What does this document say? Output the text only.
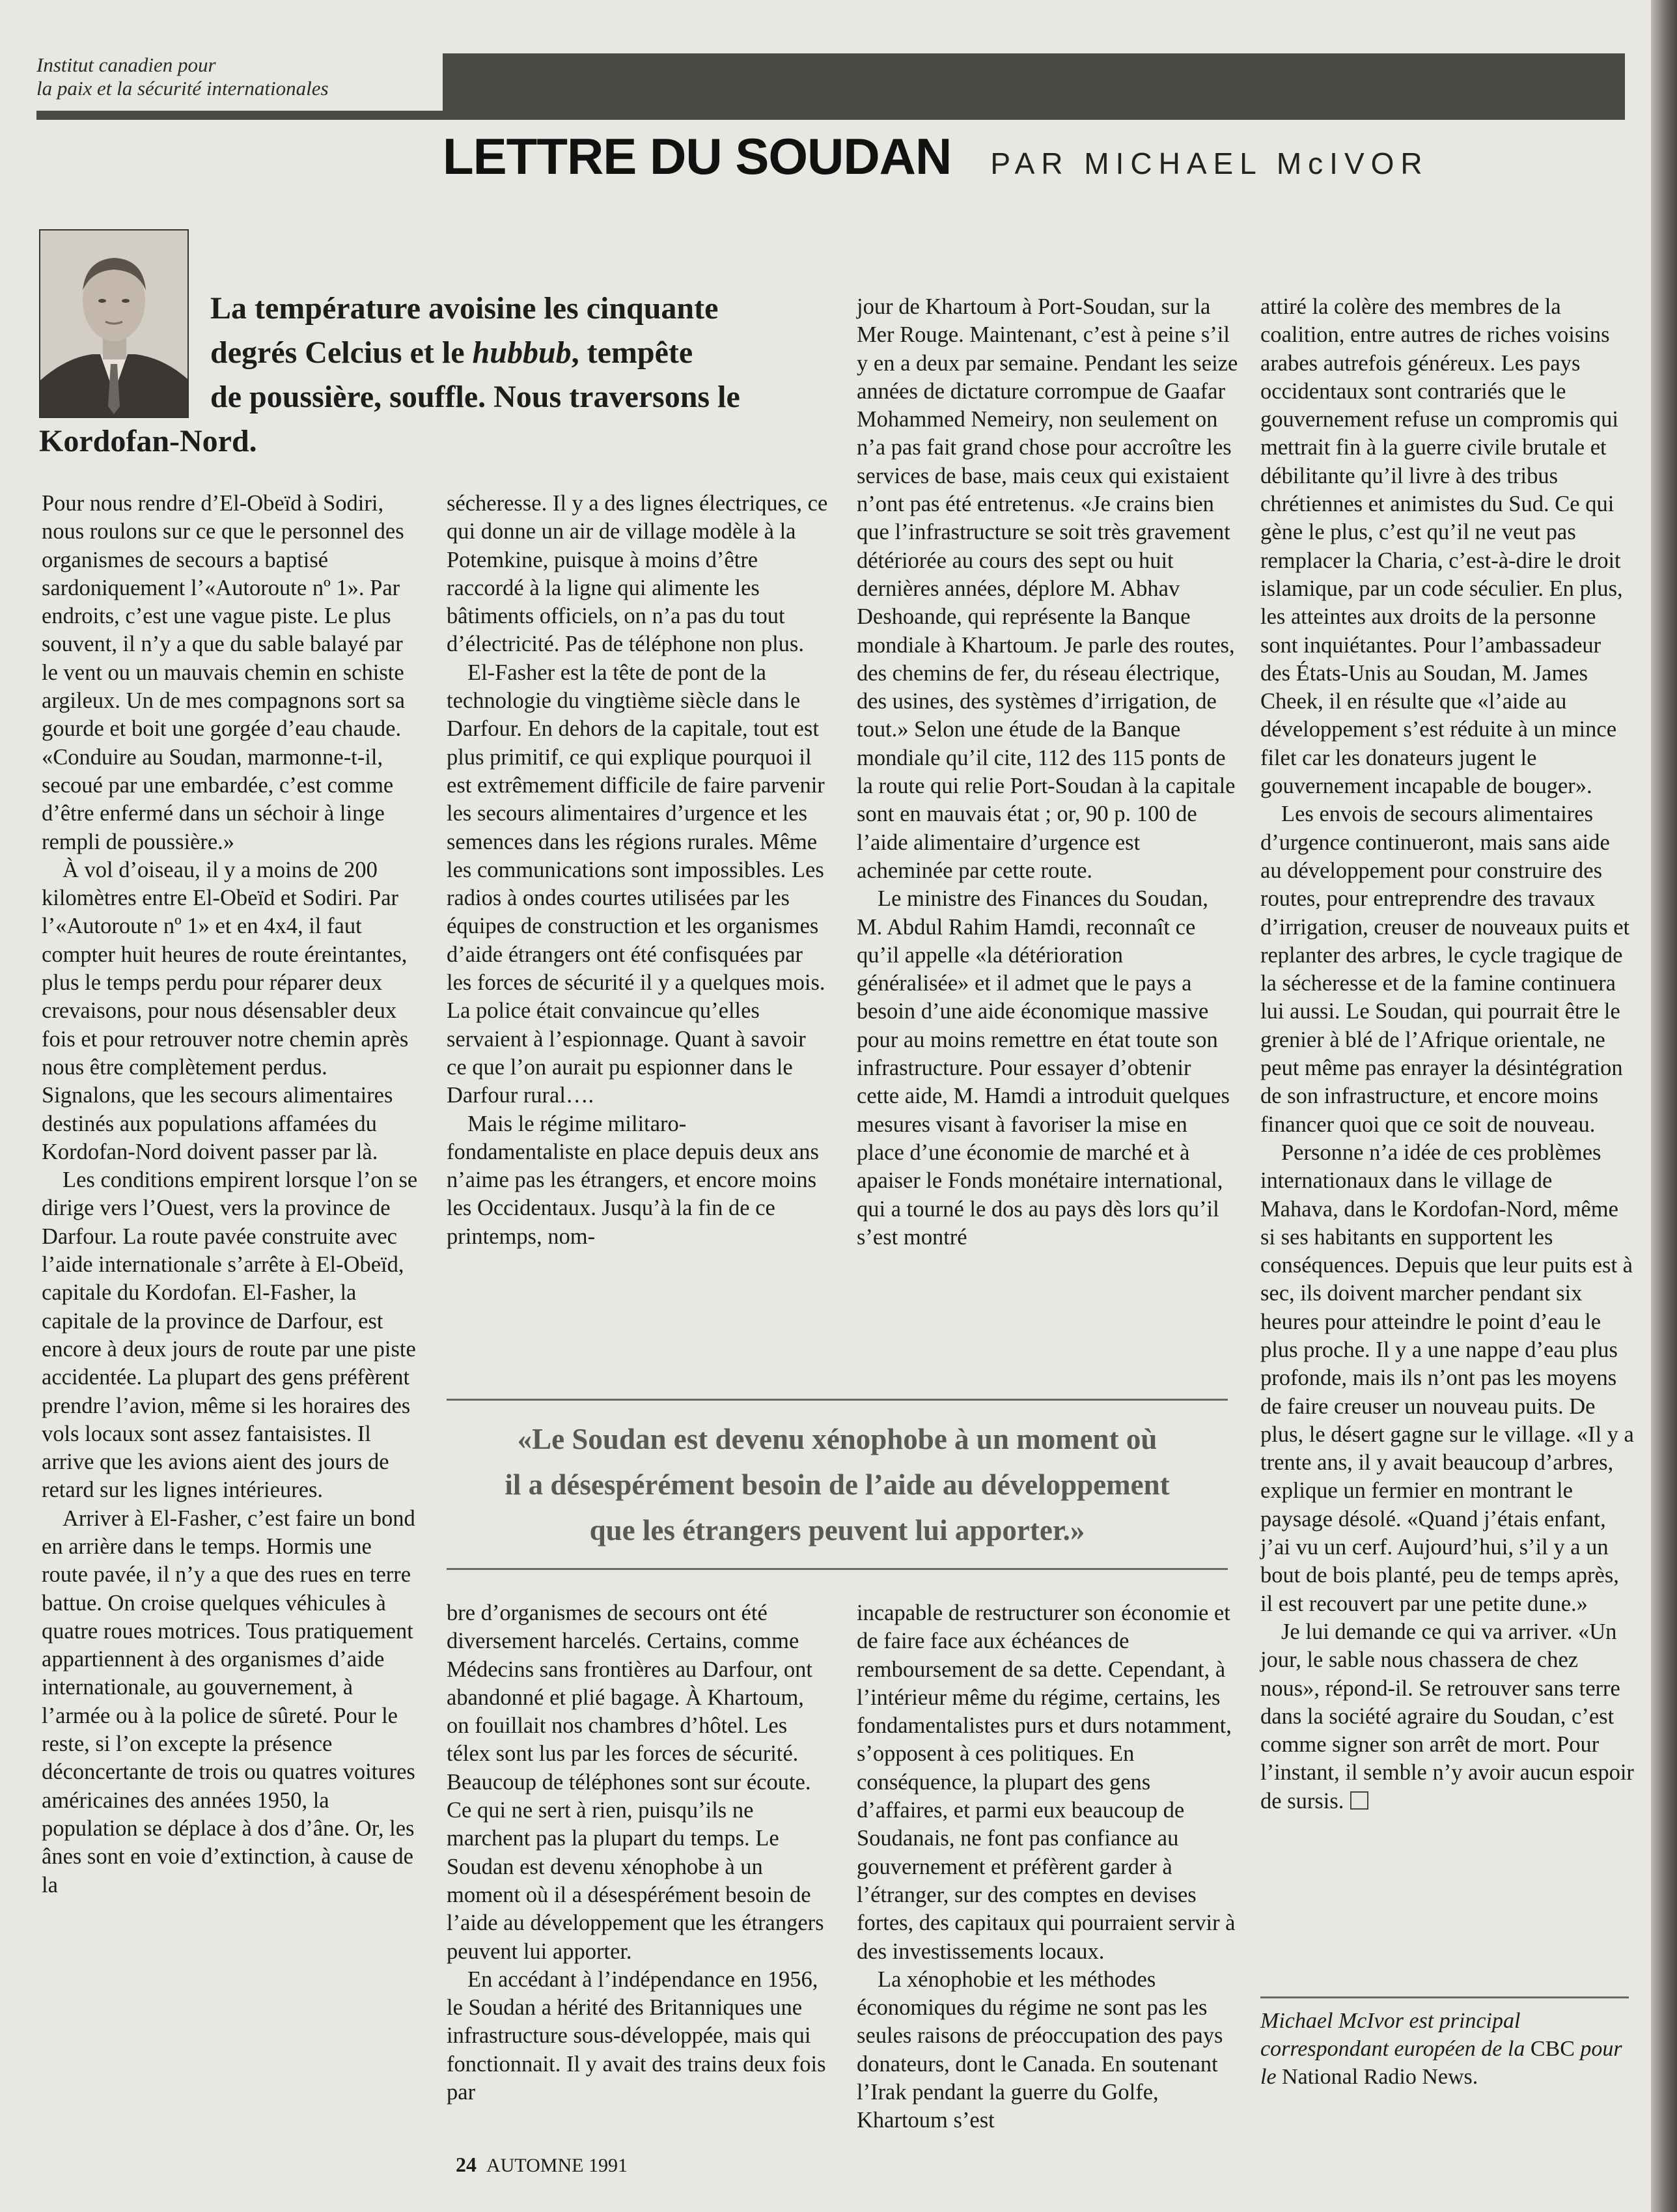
Institut canadien pour
la paix et la sécurité internationales
LETTRE DU SOUDAN PAR MICHAEL McIVOR
La température avoisine les cinquante
degrés Celcius et le hubbub, tempête
de poussière, souffle. Nous traversons le
Kordofan-Nord.

Pour nous rendre d’El-Obeïd à Sodiri, nous roulons sur ce que le personnel des organismes de secours a baptisé sardoniquement l’«Autoroute nº 1». Par endroits, c’est une vague piste. Le plus souvent, il n’y a que du sable balayé par le vent ou un mauvais chemin en schiste argileux. Un de mes compagnons sort sa gourde et boit une gorgée d’eau chaude. «Conduire au Soudan, marmonne-t-il, secoué par une embardée, c’est comme d’être enfermé dans un séchoir à linge rempli de poussière.»

À vol d’oiseau, il y a moins de 200 kilomètres entre El-Obeïd et Sodiri. Par l’«Autoroute nº 1» et en 4x4, il faut compter huit heures de route éreintantes, plus le temps perdu pour réparer deux crevaisons, pour nous désensabler deux fois et pour retrouver notre chemin après nous être complètement perdus. Signalons, que les secours alimentaires destinés aux populations affamées du Kordofan-Nord doivent passer par là.

Les conditions empirent lorsque l’on se dirige vers l’Ouest, vers la province de Darfour. La route pavée construite avec l’aide internationale s’arrête à El-Obeïd, capitale du Kordofan. El-Fasher, la capitale de la province de Darfour, est encore à deux jours de route par une piste accidentée. La plupart des gens préfèrent prendre l’avion, même si les horaires des vols locaux sont assez fantaisistes. Il arrive que les avions aient des jours de retard sur les lignes intérieures.

Arriver à El-Fasher, c’est faire un bond en arrière dans le temps. Hormis une route pavée, il n’y a que des rues en terre battue. On croise quelques véhicules à quatre roues motrices. Tous pratiquement appartiennent à des organismes d’aide internationale, au gouvernement, à l’armée ou à la police de sûreté. Pour le reste, si l’on excepte la présence déconcertante de trois ou quatres voitures américaines des années 1950, la population se déplace à dos d’âne. Or, les ânes sont en voie d’extinction, à cause de la

sécheresse. Il y a des lignes électriques, ce qui donne un air de village modèle à la Potemkine, puisque à moins d’être raccordé à la ligne qui alimente les bâtiments officiels, on n’a pas du tout d’électricité. Pas de téléphone non plus.

El-Fasher est la tête de pont de la technologie du vingtième siècle dans le Darfour. En dehors de la capitale, tout est plus primitif, ce qui explique pourquoi il est extrêmement difficile de faire parvenir les secours alimentaires d’urgence et les semences dans les régions rurales. Même les communications sont impossibles. Les radios à ondes courtes utilisées par les équipes de construction et les organismes d’aide étrangers ont été confisquées par les forces de sécurité il y a quelques mois. La police était convaincue qu’elles servaient à l’espionnage. Quant à savoir ce que l’on aurait pu espionner dans le Darfour rural….

Mais le régime militaro-fondamentaliste en place depuis deux ans n’aime pas les étrangers, et encore moins les Occidentaux. Jusqu’à la fin de ce printemps, nom-

jour de Khartoum à Port-Soudan, sur la Mer Rouge. Maintenant, c’est à peine s’il y en a deux par semaine. Pendant les seize années de dictature corrompue de Gaafar Mohammed Nemeiry, non seulement on n’a pas fait grand chose pour accroître les services de base, mais ceux qui existaient n’ont pas été entretenus. «Je crains bien que l’infrastructure se soit très gravement détériorée au cours des sept ou huit dernières années, déplore M. Abhav Deshoande, qui représente la Banque mondiale à Khartoum. Je parle des routes, des chemins de fer, du réseau électrique, des usines, des systèmes d’irrigation, de tout.» Selon une étude de la Banque mondiale qu’il cite, 112 des 115 ponts de la route qui relie Port-Soudan à la capitale sont en mauvais état ; or, 90 p. 100 de l’aide alimentaire d’urgence est acheminée par cette route.

Le ministre des Finances du Soudan, M. Abdul Rahim Hamdi, reconnaît ce qu’il appelle «la détérioration généralisée» et il admet que le pays a besoin d’une aide économique massive pour au moins remettre en état toute son infrastructure. Pour essayer d’obtenir cette aide, M. Hamdi a introduit quelques mesures visant à favoriser la mise en place d’une économie de marché et à apaiser le Fonds monétaire international, qui a tourné le dos au pays dès lors qu’il s’est montré

attiré la colère des membres de la coalition, entre autres de riches voisins arabes autrefois généreux. Les pays occidentaux sont contrariés que le gouvernement refuse un compromis qui mettrait fin à la guerre civile brutale et débilitante qu’il livre à des tribus chrétiennes et animistes du Sud. Ce qui gène le plus, c’est qu’il ne veut pas remplacer la Charia, c’est-à-dire le droit islamique, par un code séculier. En plus, les atteintes aux droits de la personne sont inquiétantes. Pour l’ambassadeur des États-Unis au Soudan, M. James Cheek, il en résulte que «l’aide au développement s’est réduite à un mince filet car les donateurs jugent le gouvernement incapable de bouger».

Les envois de secours alimentaires d’urgence continueront, mais sans aide au développement pour construire des routes, pour entreprendre des travaux d’irrigation, creuser de nouveaux puits et replanter des arbres, le cycle tragique de la sécheresse et de la famine continuera lui aussi. Le Soudan, qui pourrait être le grenier à blé de l’Afrique orientale, ne peut même pas enrayer la désintégration de son infrastructure, et encore moins financer quoi que ce soit de nouveau.

Personne n’a idée de ces problèmes internationaux dans le village de Mahava, dans le Kordofan-Nord, même si ses habitants en supportent les conséquences. Depuis que leur puits est à sec, ils doivent marcher pendant six heures pour atteindre le point d’eau le plus proche. Il y a une nappe d’eau plus profonde, mais ils n’ont pas les moyens de faire creuser un nouveau puits. De plus, le désert gagne sur le village. «Il y a trente ans, il y avait beaucoup d’arbres, explique un fermier en montrant le paysage désolé. «Quand j’étais enfant, j’ai vu un cerf. Aujourd’hui, s’il y a un bout de bois planté, peu de temps après, il est recouvert par une petite dune.»

Je lui demande ce qui va arriver. «Un jour, le sable nous chassera de chez nous», répond-il. Se retrouver sans terre dans la société agraire du Soudan, c’est comme signer son arrêt de mort. Pour l’instant, il semble n’y avoir aucun espoir de sursis.

«Le Soudan est devenu xénophobe à un moment où
il a désespérément besoin de l’aide au développement
que les étrangers peuvent lui apporter.»

bre d’organismes de secours ont été diversement harcelés. Certains, comme Médecins sans frontières au Darfour, ont abandonné et plié bagage. À Khartoum, on fouillait nos chambres d’hôtel. Les télex sont lus par les forces de sécurité. Beaucoup de téléphones sont sur écoute. Ce qui ne sert à rien, puisqu’ils ne marchent pas la plupart du temps. Le Soudan est devenu xénophobe à un moment où il a désespérément besoin de l’aide au développement que les étrangers peuvent lui apporter.

En accédant à l’indépendance en 1956, le Soudan a hérité des Britanniques une infrastructure sous-développée, mais qui fonctionnait. Il y avait des trains deux fois par

incapable de restructurer son économie et de faire face aux échéances de remboursement de sa dette. Cependant, à l’intérieur même du régime, certains, les fondamentalistes purs et durs notamment, s’opposent à ces politiques. En conséquence, la plupart des gens d’affaires, et parmi eux beaucoup de Soudanais, ne font pas confiance au gouvernement et préfèrent garder à l’étranger, sur des comptes en devises fortes, des capitaux qui pourraient servir à des investissements locaux.

La xénophobie et les méthodes économiques du régime ne sont pas les seules raisons de préoccupation des pays donateurs, dont le Canada. En soutenant l’Irak pendant la guerre du Golfe, Khartoum s’est

Michael McIvor est principal correspondant européen de la CBC pour le National Radio News.
24 AUTOMNE 1991
